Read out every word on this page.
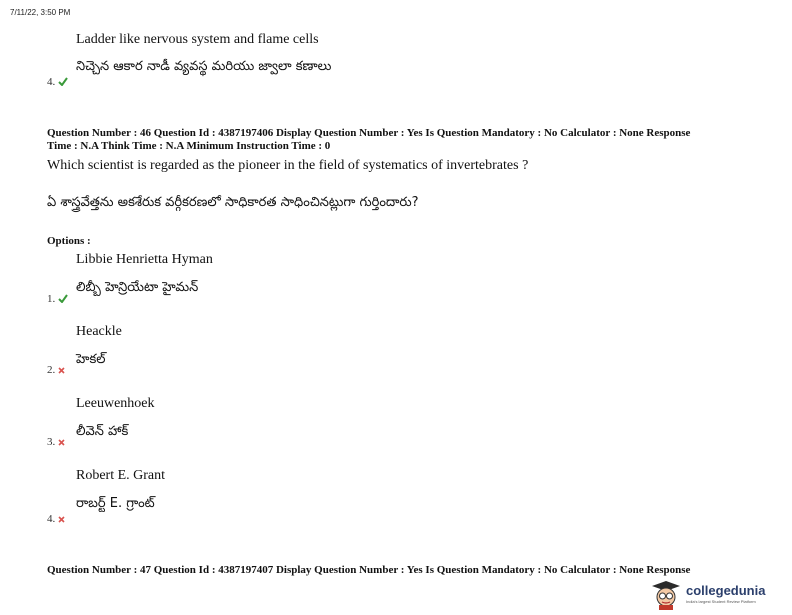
7/11/22, 3:50 PM
Ladder like nervous system and flame cells
నిచ్చెన ఆకార నాడీ వ్యవస్థ మరియు జ్వాలా కణాలు
4.
Question Number : 46 Question Id : 4387197406 Display Question Number : Yes Is Question Mandatory : No Calculator : None Response
Time : N.A Think Time : N.A Minimum Instruction Time : 0
Which scientist is regarded as the pioneer in the field of systematics of invertebrates ?
ఏ శాస్త్రవేత్తను అకశేరుక వర్గీకరణలో సాధికారత సాధించినట్లుగా గుర్తిందారు?
Options :
Libbie Henrietta Hyman
లిబ్బీ హెన్రియేటా హైమన్
1.
Heackle
హెకల్
2.
Leeuwenhoek
లీవెన్ హాక్
3.
Robert E. Grant
రాబర్ట్ E. గ్రాంట్
4.
Question Number : 47 Question Id : 4387197407 Display Question Number : Yes Is Question Mandatory : No Calculator : None Response
collegedunia
India's largest Student Review Platform
